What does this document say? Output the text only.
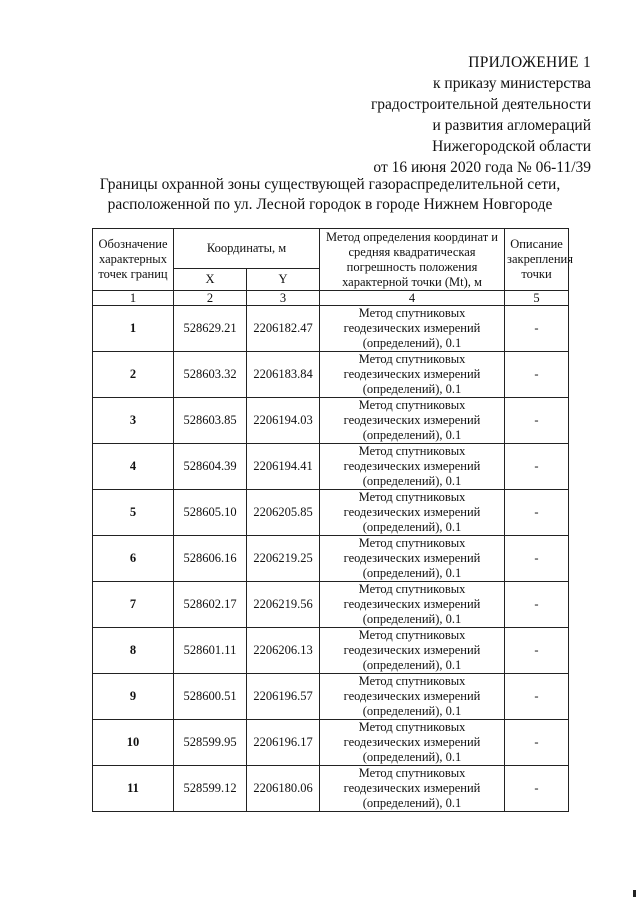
ПРИЛОЖЕНИЕ 1
к приказу министерства
градостроительной деятельности
и развития агломераций
Нижегородской области
от 16 июня 2020 года № 06-11/39
Границы охранной зоны существующей газораспределительной сети,
расположенной по ул. Лесной городок в городе Нижнем Новгороде
Обозначение характерных точек границ	Координаты, м		Метод определения координат и средняя квадратическая погрешность положения характерной точки (Mt), м	Описание закрепления точки
	X	Y		
1	2	3	4	5
1	528629.21	2206182.47	Метод спутниковых геодезических измерений (определений), 0.1	-
2	528603.32	2206183.84	Метод спутниковых геодезических измерений (определений), 0.1	-
3	528603.85	2206194.03	Метод спутниковых геодезических измерений (определений), 0.1	-
4	528604.39	2206194.41	Метод спутниковых геодезических измерений (определений), 0.1	-
5	528605.10	2206205.85	Метод спутниковых геодезических измерений (определений), 0.1	-
6	528606.16	2206219.25	Метод спутниковых геодезических измерений (определений), 0.1	-
7	528602.17	2206219.56	Метод спутниковых геодезических измерений (определений), 0.1	-
8	528601.11	2206206.13	Метод спутниковых геодезических измерений (определений), 0.1	-
9	528600.51	2206196.57	Метод спутниковых геодезических измерений (определений), 0.1	-
10	528599.95	2206196.17	Метод спутниковых геодезических измерений (определений), 0.1	-
11	528599.12	2206180.06	Метод спутниковых геодезических измерений (определений), 0.1	-
